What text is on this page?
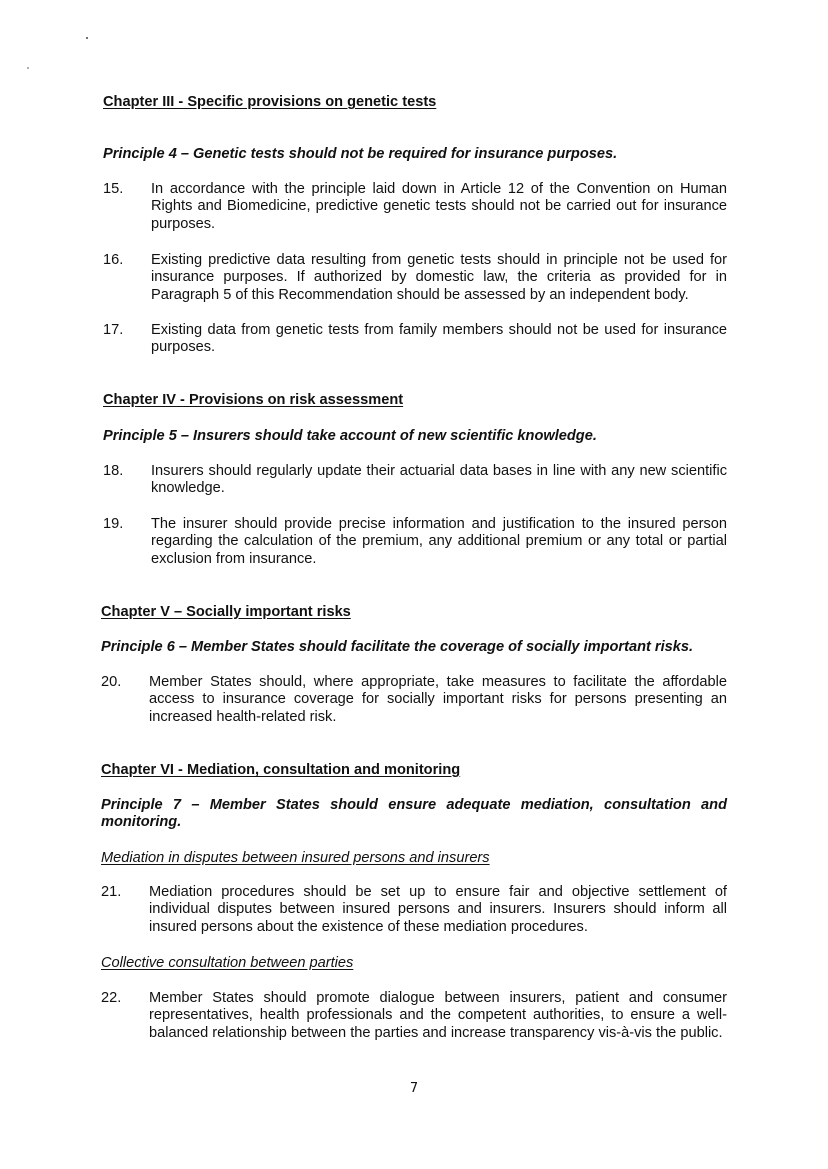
Chapter III - Specific provisions on genetic tests
Principle 4 – Genetic tests should not be required for insurance purposes.
15.	In accordance with the principle laid down in Article 12 of the Convention on Human Rights and Biomedicine, predictive genetic tests should not be carried out for insurance purposes.
16.	Existing predictive data resulting from genetic tests should in principle not be used for insurance purposes. If authorized by domestic law, the criteria as provided for in Paragraph 5 of this Recommendation should be assessed by an independent body.
17.	Existing data from genetic tests from family members should not be used for insurance purposes.
Chapter IV - Provisions on risk assessment
Principle 5 – Insurers should take account of new scientific knowledge.
18.	Insurers should regularly update their actuarial data bases in line with any new scientific knowledge.
19.	The insurer should provide precise information and justification to the insured person regarding the calculation of the premium, any additional premium or any total or partial exclusion from insurance.
Chapter V – Socially important risks
Principle 6 – Member States should facilitate the coverage of socially important risks.
20.	Member States should, where appropriate, take measures to facilitate the affordable access to insurance coverage for socially important risks for persons presenting an increased health-related risk.
Chapter VI - Mediation, consultation and monitoring
Principle 7 – Member States should ensure adequate mediation, consultation and monitoring.
Mediation in disputes between insured persons and insurers
21.	Mediation procedures should be set up to ensure fair and objective settlement of individual disputes between insured persons and insurers. Insurers should inform all insured persons about the existence of these mediation procedures.
Collective consultation between parties
22.	Member States should promote dialogue between insurers, patient and consumer representatives, health professionals and the competent authorities, to ensure a well-balanced relationship between the parties and increase transparency vis-à-vis the public.
7
